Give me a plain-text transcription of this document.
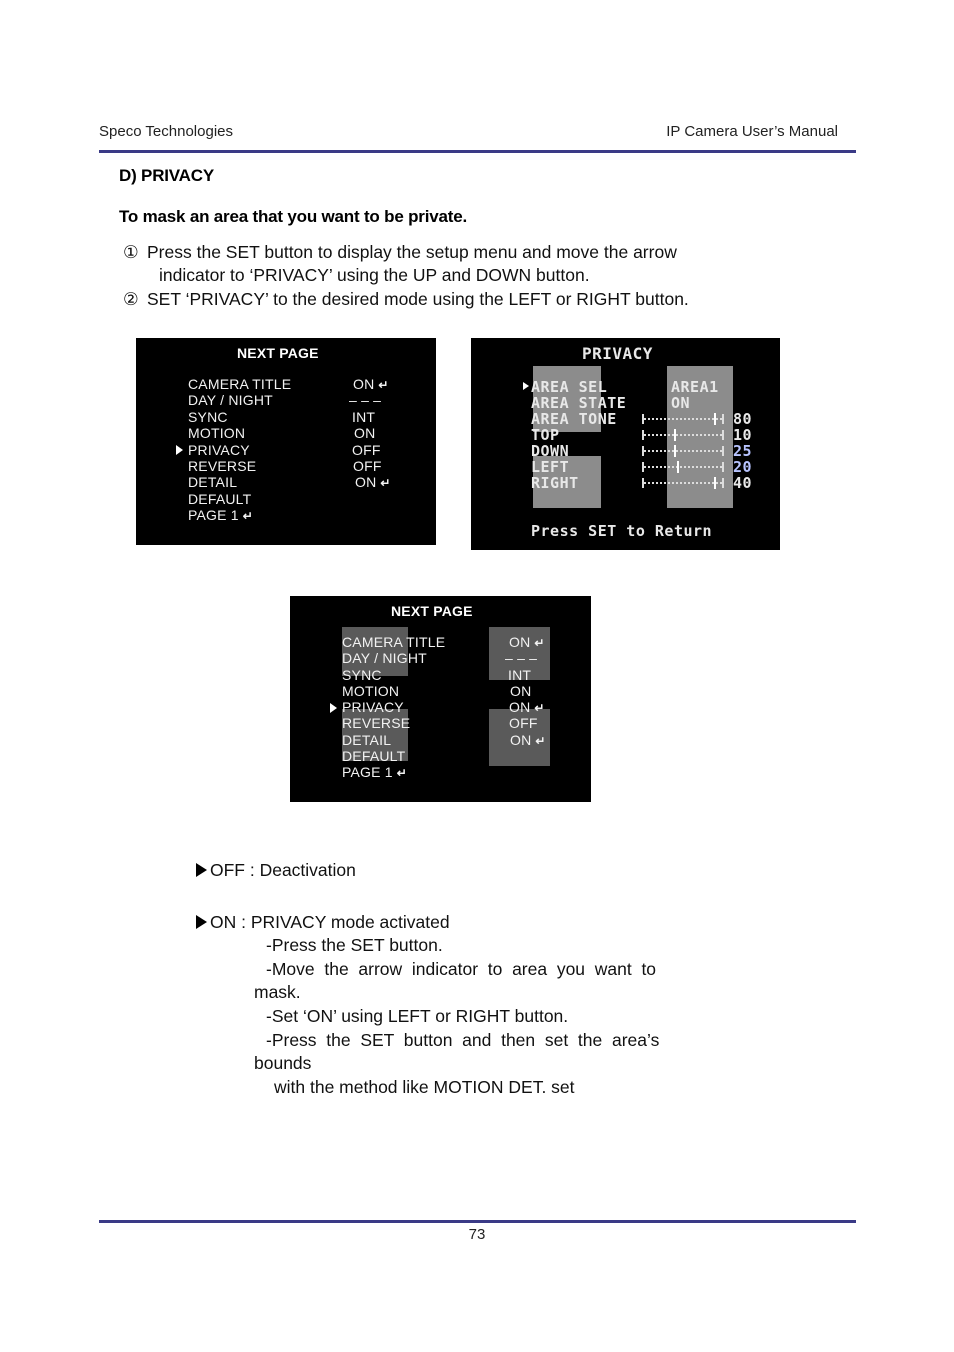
Speco Technologies	IP Camera User’s Manual
D) PRIVACY
To mask an area that you want to be private.
① Press the SET button to display the setup menu and move the arrow
indicator to ‘PRIVACY’ using the UP and DOWN button.
② SET ‘PRIVACY’ to the desired mode using the LEFT or RIGHT button.
NEXT PAGE
CAMERA TITLE
DAY / NIGHT
SYNC
MOTION
PRIVACY
REVERSE
DETAIL
DEFAULT
PAGE 1 ↵
ON ↵
– – –
INT
ON
OFF
OFF
ON ↵
PRIVACY
AREA SEL
AREA STATE
AREA TONE
TOP
DOWN
LEFT
RIGHT
AREA1
ON
80
10
25
20
40
Press SET to Return
NEXT PAGE
CAMERA TITLE
DAY / NIGHT
SYNC
MOTION
PRIVACY
REVERSE
DETAIL
DEFAULT
PAGE 1 ↵
ON ↵
– – –
INT
ON
ON ↵
OFF
ON ↵
OFF : Deactivation
ON : PRIVACY mode activated
-Press the SET button.
-Move  the  arrow  indicator  to  area  you  want  to
mask.
-Set ‘ON’ using LEFT or RIGHT button.
-Press  the  SET  button  and  then  set  the  area’s
bounds
with the method like MOTION DET. set
73
